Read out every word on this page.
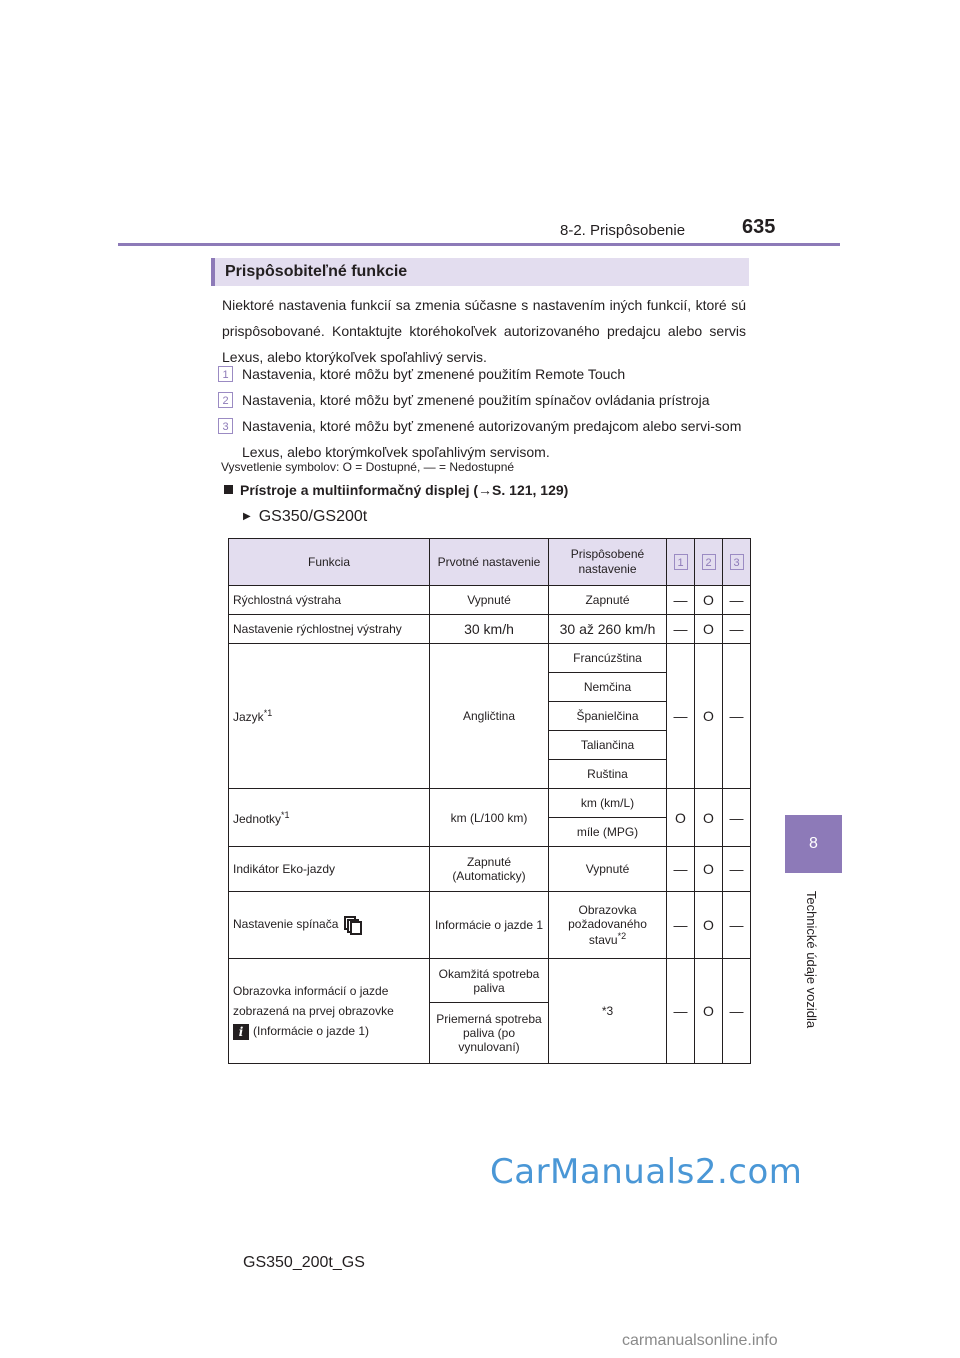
8-2. Prispôsobenie	635
8
Technické údaje vozidla
Prispôsobiteľné funkcie
Niektoré nastavenia funkcií sa zmenia súčasne s nastavením iných funkcií, ktoré sú prispôsobované. Kontaktujte ktoréhokoľvek autorizovaného predajcu alebo servis Lexus, alebo ktorýkoľvek spoľahlivý servis.
1 Nastavenia, ktoré môžu byť zmenené použitím Remote Touch
2 Nastavenia, ktoré môžu byť zmenené použitím spínačov ovládania prístroja
3 Nastavenia, ktoré môžu byť zmenené autorizovaným predajcom alebo servi-som Lexus, alebo ktorýmkoľvek spoľahlivým servisom.
Vysvetlenie symbolov: O = Dostupné, — = Nedostupné
Prístroje a multiinformačný displej (→S. 121, 129)
▶ GS350/GS200t
Funkcia	Prvotné nastavenie	Prispôsobené nastavenie	1	2	3
Rýchlostná výstraha	Vypnuté	Zapnuté	—	O	—
Nastavenie rýchlostnej výstrahy	30 km/h	30 až 260 km/h	—	O	—
Jazyk$^{*1}$	Angličtina	Francúzština	—	O	—
		Nemčina			
		Španielčina			
		Taliančina			
		Ruština			
Jednotky$^{*1}$	km (L/100 km)	km (km/L)	O	O	—
		míle (MPG)			
Indikátor Eko-jazdy	Zapnuté (Automaticky)	Vypnuté	—	O	—
Nastavenie spínača	Informácie o jazde 1	Obrazovka požadovaného stavu$^{*2}$	—	O	—
Obrazovka informácií o jazde zobrazená na prvej obrazovke
i (Informácie o jazde 1)	Okamžitá spotreba paliva	*3	—	O	—
	Priemerná spotreba paliva (po vynulovaní)				
CarManuals2.com
GS350_200t_GS
carmanualsonline.info
